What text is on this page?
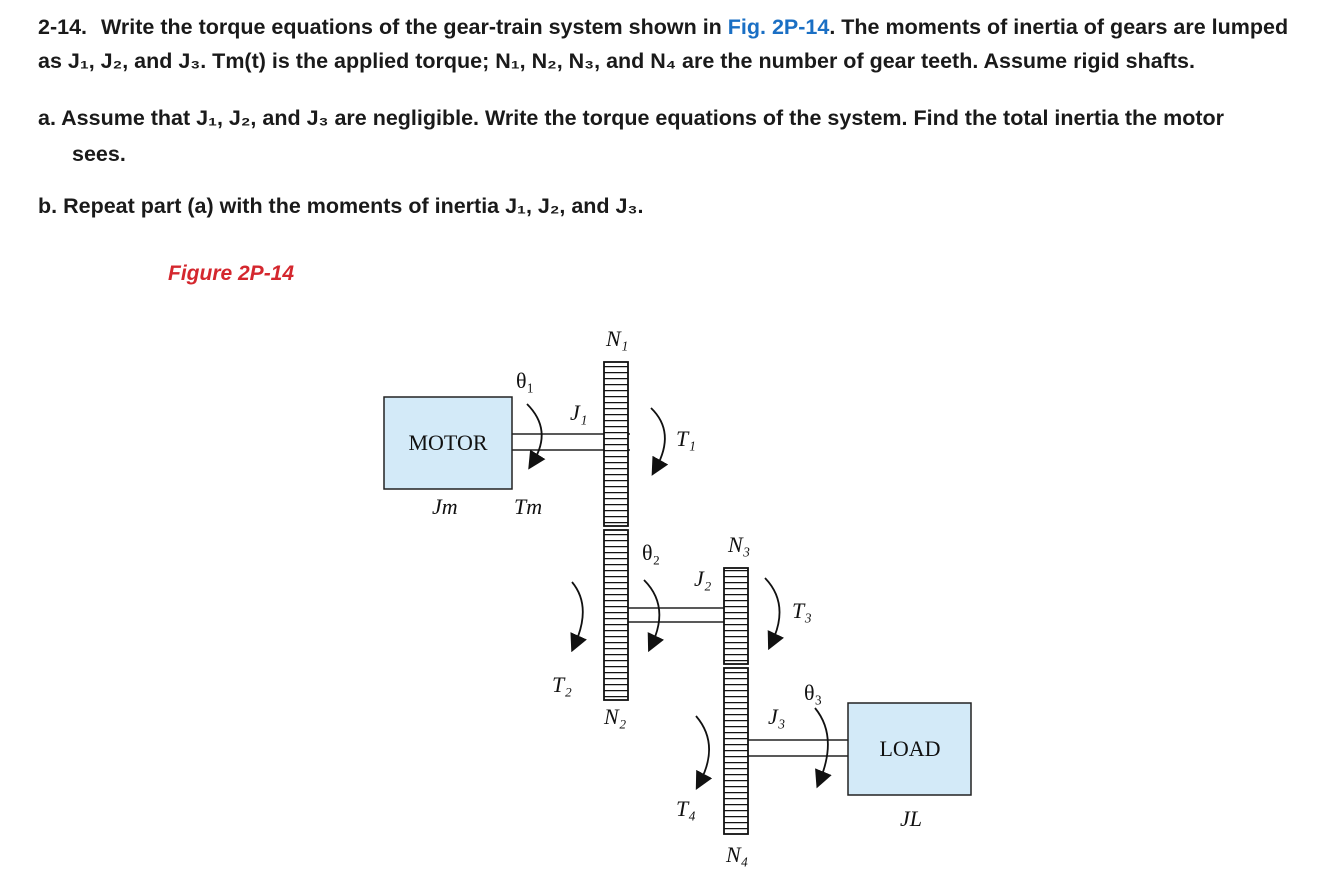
2-14. Write the torque equations of the gear-train system shown in Fig. 2P-14. The moments of inertia of gears are lumped as J₁, J₂, and J₃. Tm(t) is the applied torque; N₁, N₂, N₃, and N₄ are the number of gear teeth. Assume rigid shafts.
a. Assume that J₁, J₂, and J₃ are negligible. Write the torque equations of the system. Find the total inertia the motor
sees.
b. Repeat part (a) with the moments of inertia J₁, J₂, and J₃.
Figure 2P-14
MOTOR
LOAD
θ₁
J₁
N₁
T₁
Jm	Tm
θ₂
J₂
N₃
T₃
T₂
N₂
θ₃
J₃
T₄
N₄
JL
